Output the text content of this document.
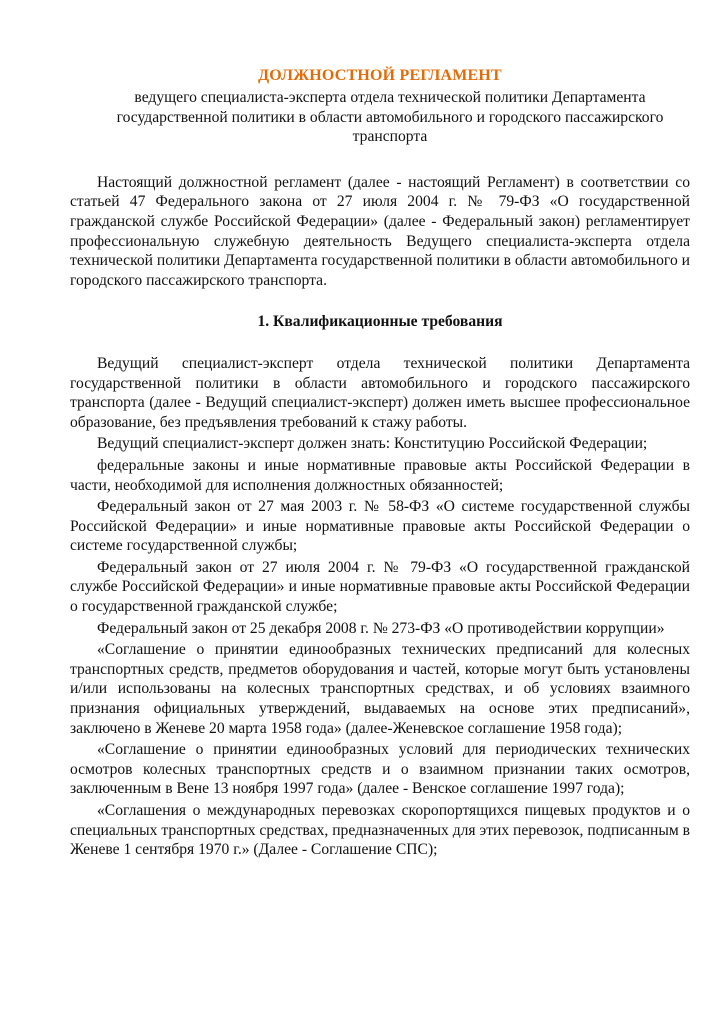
ДОЛЖНОСТНОЙ РЕГЛАМЕНТ
ведущего специалиста-эксперта отдела технической политики Департамента
государственной политики в области автомобильного и городского пассажирского
транспорта

Настоящий должностной регламент (далее - настоящий Регламент) в соответствии со статьей 47 Федерального закона от 27 июля 2004 г. № 79-ФЗ «О государственной гражданской службе Российской Федерации» (далее - Федеральный закон) регламентирует профессиональную служебную деятельность Ведущего специалиста-эксперта отдела технической политики Департамента государственной политики в области автомобильного и городского пассажирского транспорта.

1. Квалификационные требования

Ведущий специалист-эксперт отдела технической политики Департамента государственной политики в области автомобильного и городского пассажирского транспорта (далее - Ведущий специалист-эксперт) должен иметь высшее профессиональное образование, без предъявления требований к стажу работы.

Ведущий специалист-эксперт должен знать: Конституцию Российской Федерации;

федеральные законы и иные нормативные правовые акты Российской Федерации в части, необходимой для исполнения должностных обязанностей;

Федеральный закон от 27 мая 2003 г. № 58-ФЗ «О системе государственной службы Российской Федерации» и иные нормативные правовые акты Российской Федерации о системе государственной службы;

Федеральный закон от 27 июля 2004 г. № 79-ФЗ «О государственной гражданской службе Российской Федерации» и иные нормативные правовые акты Российской Федерации о государственной гражданской службе;

Федеральный закон от 25 декабря 2008 г. № 273-ФЗ «О противодействии коррупции»

«Соглашение о принятии единообразных технических предписаний для колесных транспортных средств, предметов оборудования и частей, которые могут быть установлены и/или использованы на колесных транспортных средствах, и об условиях взаимного признания официальных утверждений, выдаваемых на основе этих предписаний», заключено в Женеве 20 марта 1958 года» (далее-Женевское соглашение 1958 года);

«Соглашение о принятии единообразных условий для периодических технических осмотров колесных транспортных средств и о взаимном признании таких осмотров, заключенным в Вене 13 ноября 1997 года» (далее - Венское соглашение 1997 года);

«Соглашения о международных перевозках скоропортящихся пищевых продуктов и о специальных транспортных средствах, предназначенных для этих перевозок, подписанным в Женеве 1 сентября 1970 г.» (Далее - Соглашение СПС);
